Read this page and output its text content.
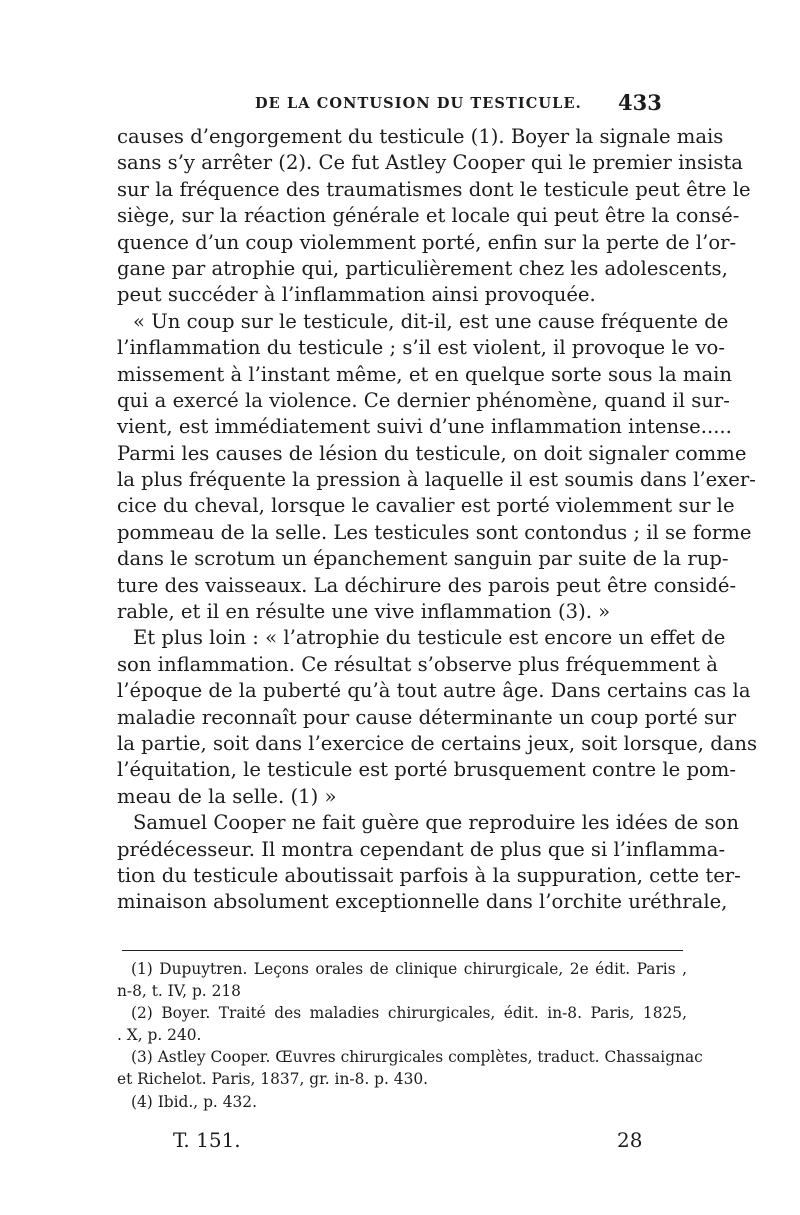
DE LA CONTUSION DU TESTICULE. 433
causes d’engorgement du testicule (1). Boyer la signale mais
sans s’y arrêter (2). Ce fut Astley Cooper qui le premier insista
sur la fréquence des traumatismes dont le testicule peut être le
siège, sur la réaction générale et locale qui peut être la consé-
quence d’un coup violemment porté, enfin sur la perte de l’or-
gane par atrophie qui, particulièrement chez les adolescents,
peut succéder à l’inflammation ainsi provoquée.
« Un coup sur le testicule, dit-il, est une cause fréquente de
l’inflammation du testicule ; s’il est violent, il provoque le vo-
missement à l’instant même, et en quelque sorte sous la main
qui a exercé la violence. Ce dernier phénomène, quand il sur-
vient, est immédiatement suivi d’une inflammation intense.....
Parmi les causes de lésion du testicule, on doit signaler comme
la plus fréquente la pression à laquelle il est soumis dans l’exer-
cice du cheval, lorsque le cavalier est porté violemment sur le
pommeau de la selle. Les testicules sont contondus ; il se forme
dans le scrotum un épanchement sanguin par suite de la rup-
ture des vaisseaux. La déchirure des parois peut être considé-
rable, et il en résulte une vive inflammation (3). »
Et plus loin : « l’atrophie du testicule est encore un effet de
son inflammation. Ce résultat s’observe plus fréquemment à
l’époque de la puberté qu’à tout autre âge. Dans certains cas la
maladie reconnaît pour cause déterminante un coup porté sur
la partie, soit dans l’exercice de certains jeux, soit lorsque, dans
l’équitation, le testicule est porté brusquement contre le pom-
meau de la selle. (1) »
Samuel Cooper ne fait guère que reproduire les idées de son
prédécesseur. Il montra cependant de plus que si l’inflamma-
tion du testicule aboutissait parfois à la suppuration, cette ter-
minaison absolument exceptionnelle dans l’orchite uréthrale,
(1) Dupuytren. Leçons orales de clinique chirurgicale, 2e édit. Paris ,
n-8, t. IV, p. 218
(2) Boyer. Traité des maladies chirurgicales, édit. in-8. Paris, 1825,
. X, p. 240.
(3) Astley Cooper. Œuvres chirurgicales complètes, traduct. Chassaignac
et Richelot. Paris, 1837, gr. in-8. p. 430.
(4) Ibid., p. 432.
T. 151.	28
